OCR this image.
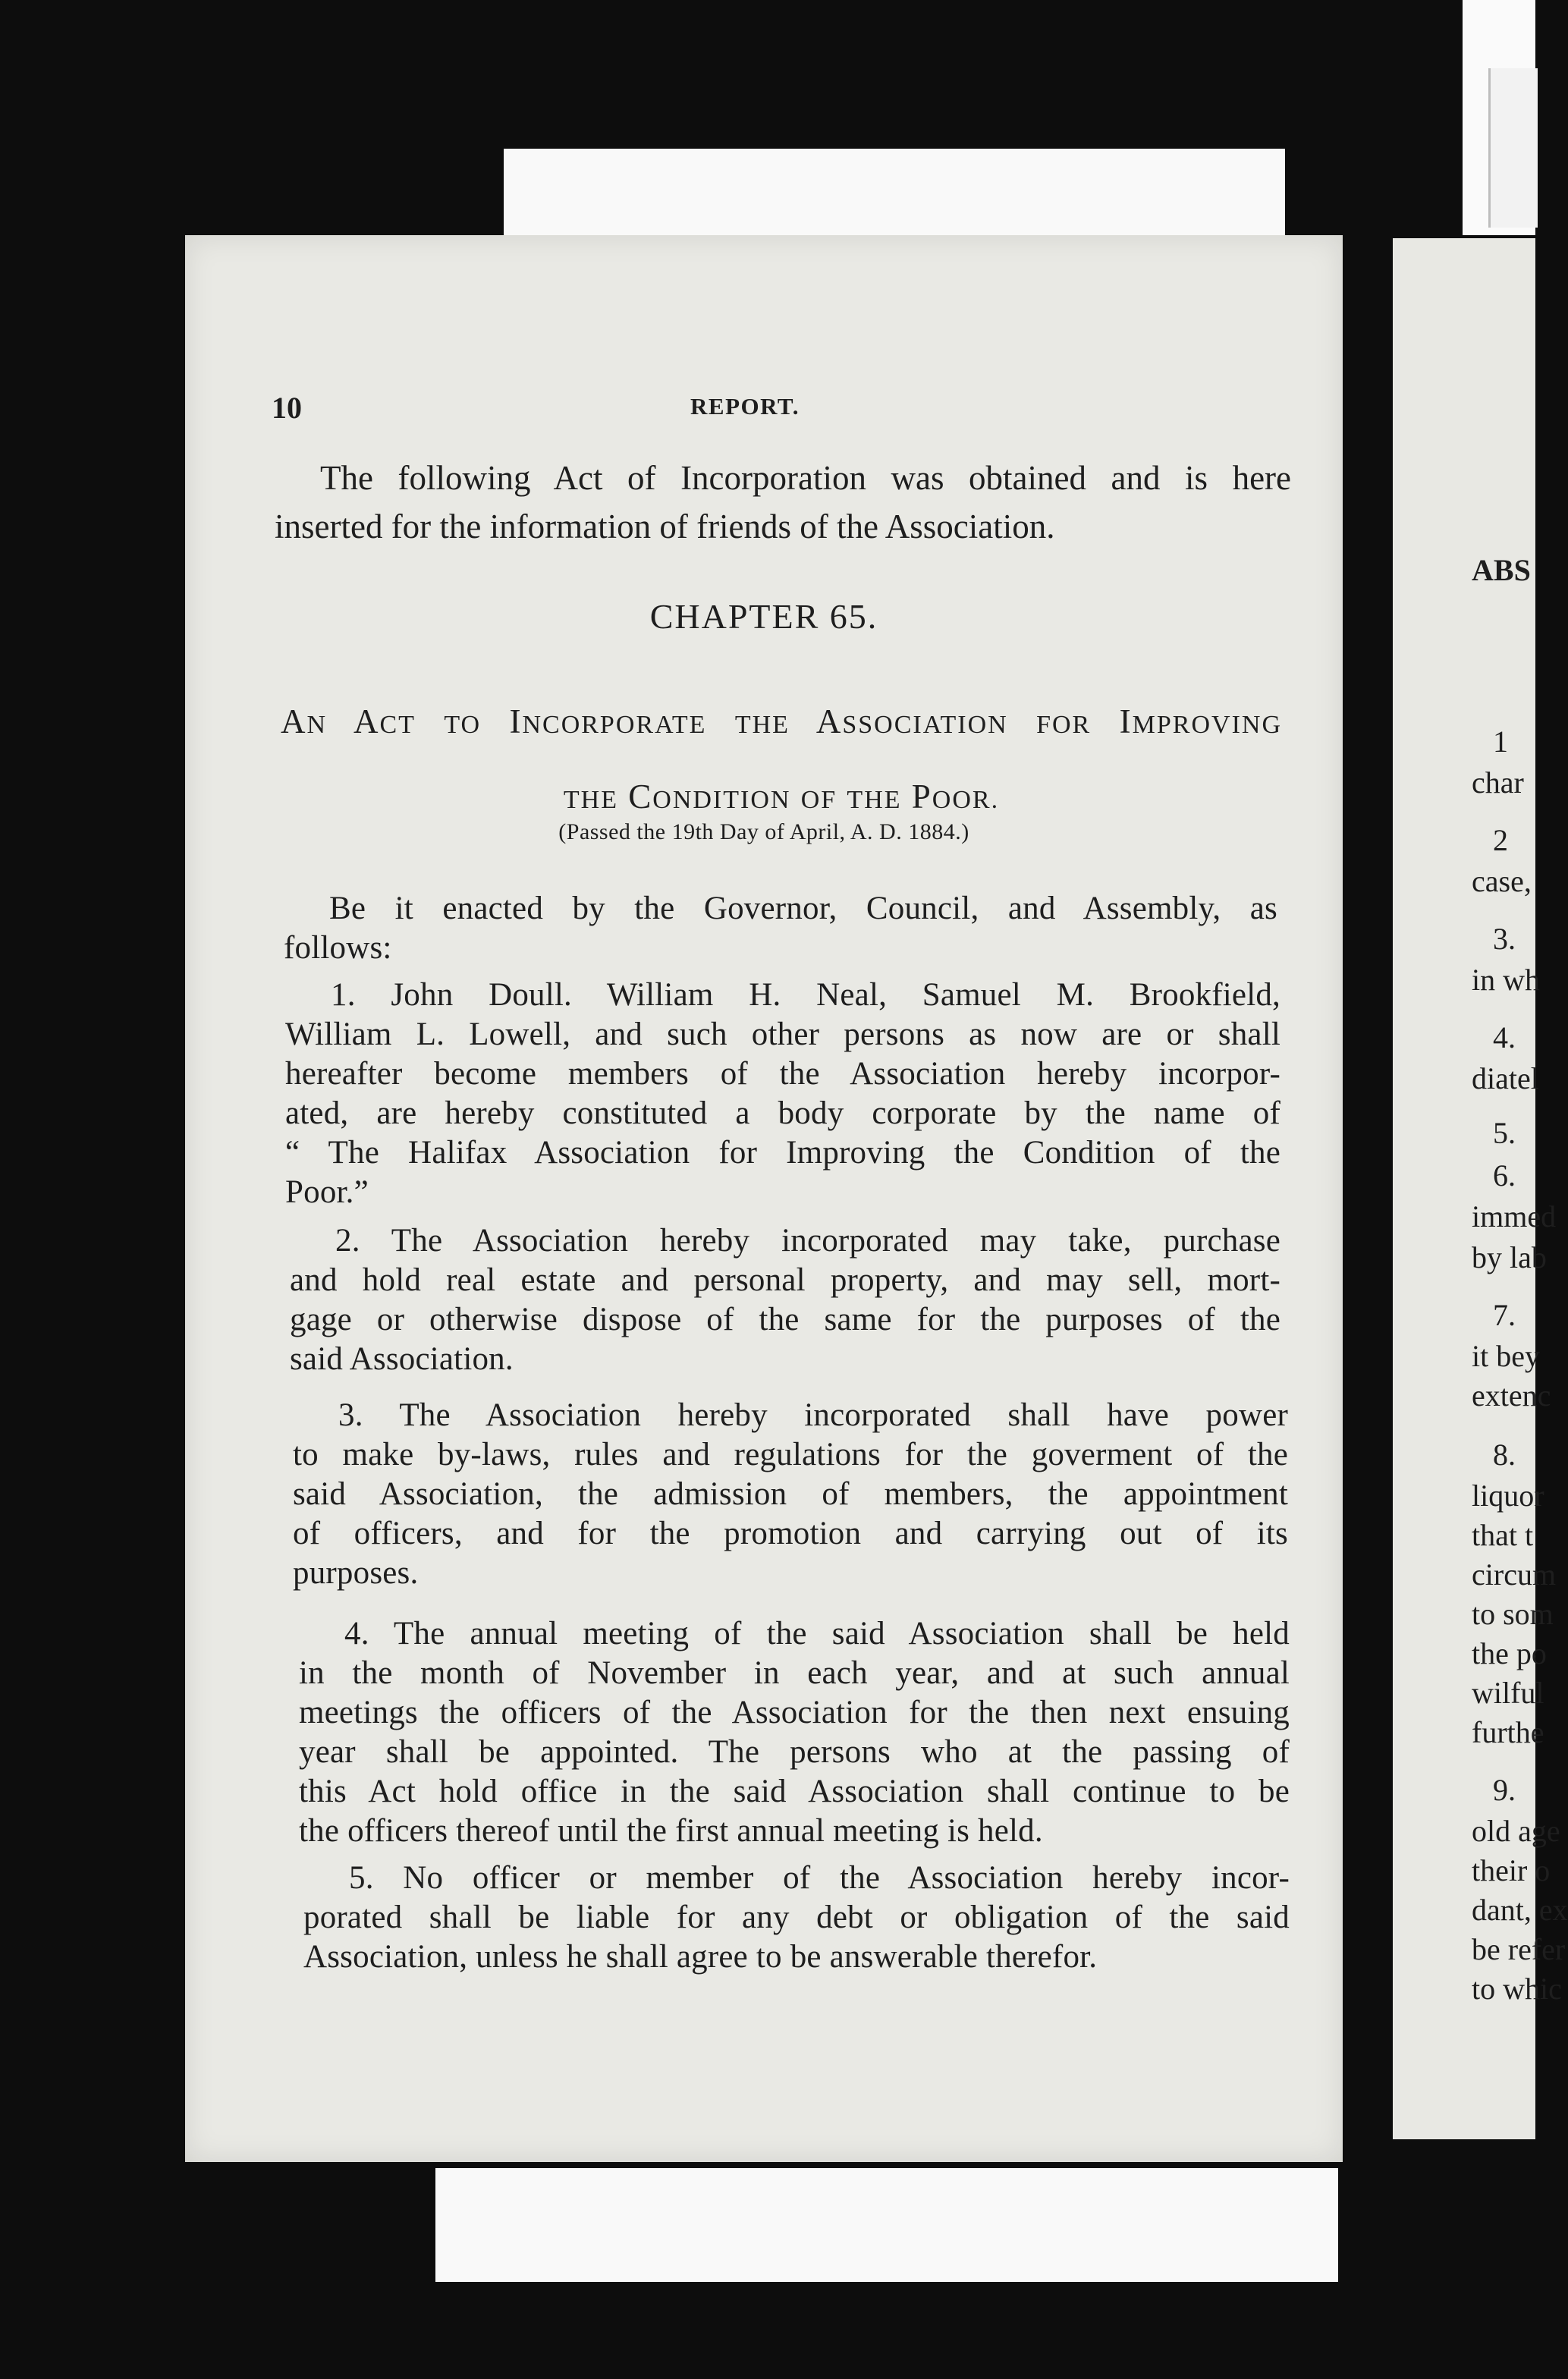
10	REPORT.
The following Act of Incorporation was obtained and is here
inserted for the information of friends of the Association.
CHAPTER 65.
AN ACT TO INCORPORATE THE ASSOCIATION FOR IMPROVING
THE CONDITION OF THE POOR.
(Passed the 19th Day of April, A. D. 1884.)
Be it enacted by the Governor, Council, and Assembly, as
follows:
1. John Doull. William H. Neal, Samuel M. Brookfield,
William L. Lowell, and such other persons as now are or shall
hereafter become members of the Association hereby incorpor-
ated, are hereby constituted a body corporate by the name of
“ The Halifax Association for Improving the Condition of the
Poor.”
2. The Association hereby incorporated may take, purchase
and hold real estate and personal property, and may sell, mort-
gage or otherwise dispose of the same for the purposes of the
said Association.
3. The Association hereby incorporated shall have power
to make by-laws, rules and regulations for the goverment of the
said Association, the admission of members, the appointment
of officers, and for the promotion and carrying out of its
purposes.
4. The annual meeting of the said Association shall be held
in the month of November in each year, and at such annual
meetings the officers of the Association for the then next ensuing
year shall be appointed. The persons who at the passing of
this Act hold office in the said Association shall continue to be
the officers thereof until the first annual meeting is held.
5. No officer or member of the Association hereby incor-
porated shall be liable for any debt or obligation of the said
Association, unless he shall agree to be answerable therefor.
ABS
1
char
2
case,
3.
in wh
4.
diatel
5.
6.
immed
by lab
7.
it bey
extenc
8.
liquor
that t
circum
to som
the po
wilful
furthe
9.
old age
their o
dant, ex
be refer
to whic
